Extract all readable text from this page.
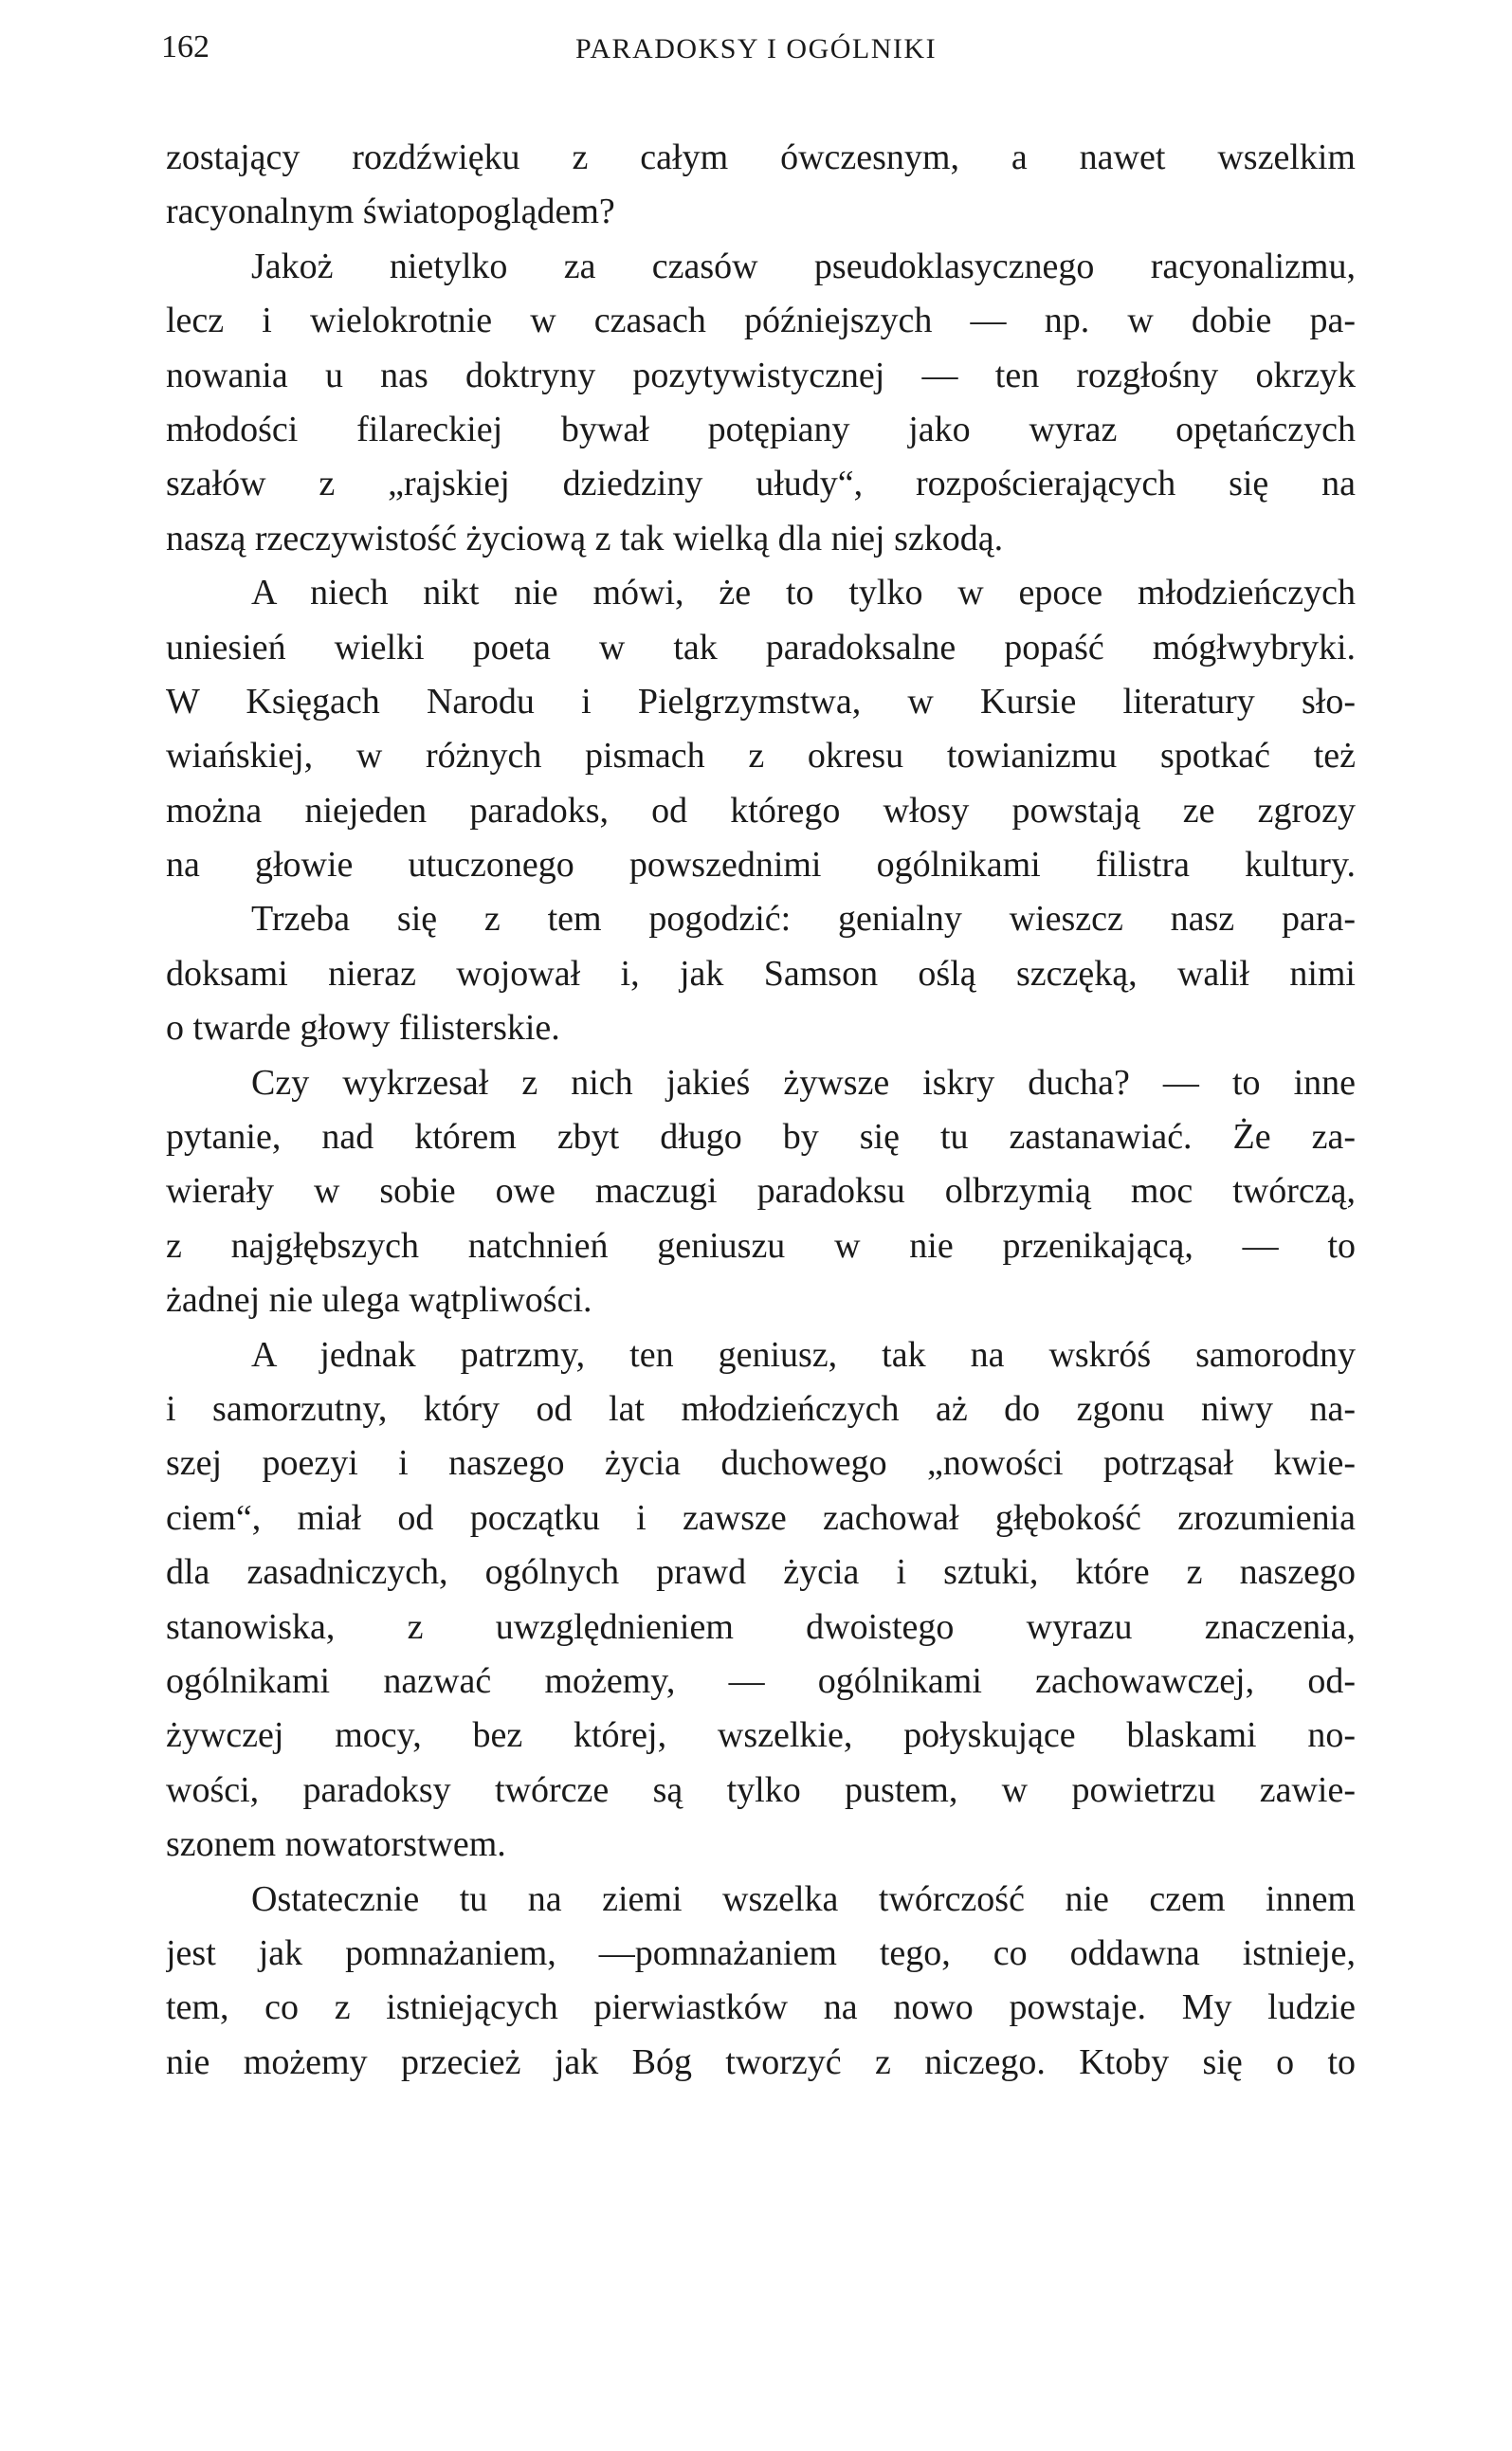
162	PARADOKSY I OGÓLNIKI
zostający rozdźwięku z całym ówczesnym, a nawet wszelkim
racyonalnym światopoglądem?
Jakoż nietylko za czasów pseudoklasycznego racyonalizmu,
lecz i wielokrotnie w czasach późniejszych — np. w dobie pa-
nowania u nas doktryny pozytywistycznej — ten rozgłośny okrzyk
młodości filareckiej bywał potępiany jako wyraz opętańczych
szałów z „rajskiej dziedziny ułudy“, rozpościerających się na
naszą rzeczywistość życiową z tak wielką dla niej szkodą.
A niech nikt nie mówi, że to tylko w epoce młodzieńczych
uniesień wielki poeta w tak paradoksalne popaść mógłwybryki.
W Księgach Narodu i Pielgrzymstwa, w Kursie literatury sło-
wiańskiej, w różnych pismach z okresu towianizmu spotkać też
można niejeden paradoks, od którego włosy powstają ze zgrozy
na głowie utuczonego powszednimi ogólnikami filistra kultury.
Trzeba się z tem pogodzić: genialny wieszcz nasz para-
doksami nieraz wojował i, jak Samson oślą szczęką, walił nimi
o twarde głowy filisterskie.
Czy wykrzesał z nich jakieś żywsze iskry ducha? — to inne
pytanie, nad którem zbyt długo by się tu zastanawiać. Że za-
wierały w sobie owe maczugi paradoksu olbrzymią moc twórczą,
z najgłębszych natchnień geniuszu w nie przenikającą, — to
żadnej nie ulega wątpliwości.
A jednak patrzmy, ten geniusz, tak na wskróś samorodny
i samorzutny, który od lat młodzieńczych aż do zgonu niwy na-
szej poezyi i naszego życia duchowego „nowości potrząsał kwie-
ciem“, miał od początku i zawsze zachował głębokość zrozumienia
dla zasadniczych, ogólnych prawd życia i sztuki, które z naszego
stanowiska, z uwzględnieniem dwoistego wyrazu znaczenia,
ogólnikami nazwać możemy, — ogólnikami zachowawczej, od-
żywczej mocy, bez której, wszelkie, połyskujące blaskami no-
wości, paradoksy twórcze są tylko pustem, w powietrzu zawie-
szonem nowatorstwem.
Ostatecznie tu na ziemi wszelka twórczość nie czem innem
jest jak pomnażaniem, —pomnażaniem tego, co oddawna istnieje,
tem, co z istniejących pierwiastków na nowo powstaje. My ludzie
nie możemy przecież jak Bóg tworzyć z niczego. Ktoby się o to
